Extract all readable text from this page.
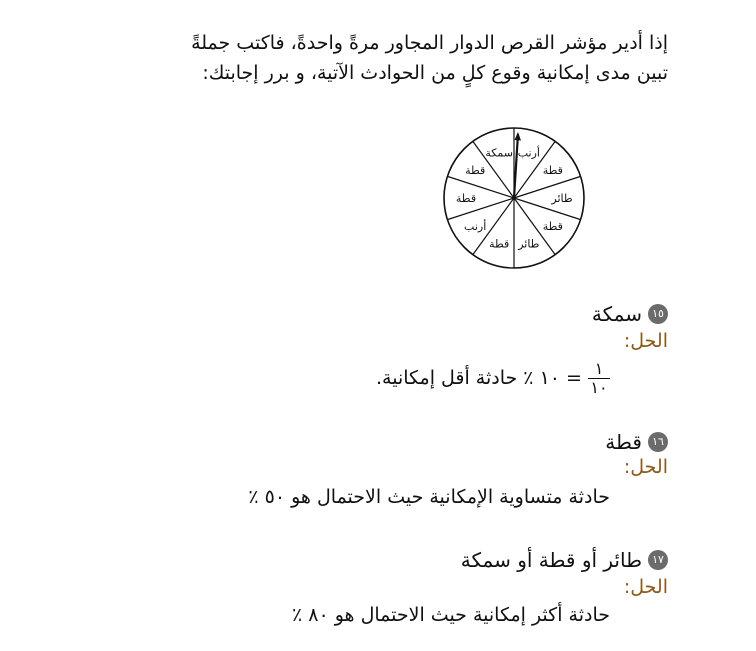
إذا أدير مؤشر القرص الدوار المجاور مرةً واحدةً، فاكتب جملةً
تبين مدى إمكانية وقوع كلٍ من الحوادث الآتية، و برر إجابتك:
أرنب
قطة
طائر
قطة
طائر
قطة
أرنب
قطة
قطة
سمكة
١٥
سمكة
الحل:
= ١٠ ٪ حادثة أقل إمكانية. $\frac{١}{١٠}$
١٦
قطة
الحل:
حادثة متساوية الإمكانية حيث الاحتمال هو ٥٠ ٪
١٧
طائر أو قطة أو سمكة
الحل:
حادثة أكثر إمكانية حيث الاحتمال هو ٨٠ ٪
